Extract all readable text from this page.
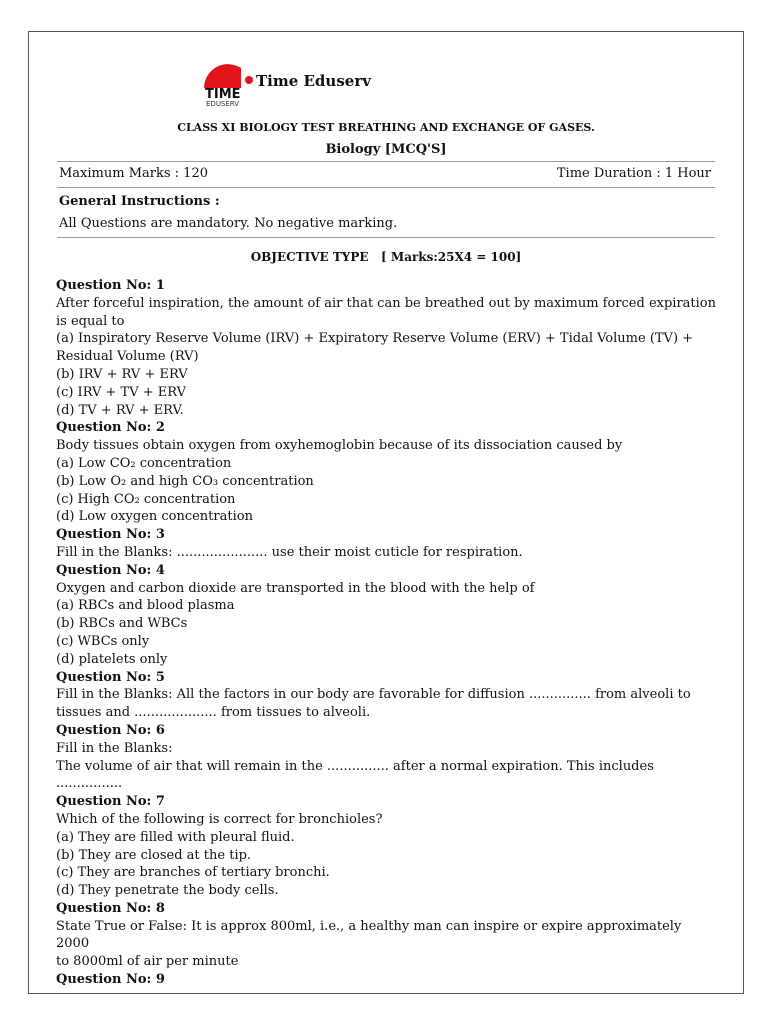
TIME
EDUSERV
Time Eduserv
CLASS XI BIOLOGY TEST BREATHING AND EXCHANGE OF GASES.
Biology [MCQ'S]
Maximum Marks : 120	Time Duration : 1 Hour
General Instructions :
All Questions are mandatory. No negative marking.
OBJECTIVE TYPE   [ Marks:25X4 = 100]
Question No: 1
After forceful inspiration, the amount of air that can be breathed out by maximum forced expiration
is equal to
(a) Inspiratory Reserve Volume (IRV) + Expiratory Reserve Volume (ERV) + Tidal Volume (TV) +
Residual Volume (RV)
(b) IRV + RV + ERV
(c) IRV + TV + ERV
(d) TV + RV + ERV.
Question No: 2
Body tissues obtain oxygen from oxyhemoglobin because of its dissociation caused by
(a) Low CO₂ concentration
(b) Low O₂ and high CO₃ concentration
(c) High CO₂ concentration
(d) Low oxygen concentration
Question No: 3
Fill in the Blanks: ...................... use their moist cuticle for respiration.
Question No: 4
Oxygen and carbon dioxide are transported in the blood with the help of
(a) RBCs and blood plasma
(b) RBCs and WBCs
(c) WBCs only
(d) platelets only
Question No: 5
Fill in the Blanks: All the factors in our body are favorable for diffusion ............... from alveoli to
tissues and .................... from tissues to alveoli.
Question No: 6
Fill in the Blanks:
The volume of air that will remain in the ............... after a normal expiration. This includes ................
Question No: 7
Which of the following is correct for bronchioles?
(a) They are filled with pleural fluid.
(b) They are closed at the tip.
(c) They are branches of tertiary bronchi.
(d) They penetrate the body cells.
Question No: 8
State True or False: It is approx 800ml, i.e., a healthy man can inspire or expire approximately 2000
to 8000ml of air per minute
Question No: 9
